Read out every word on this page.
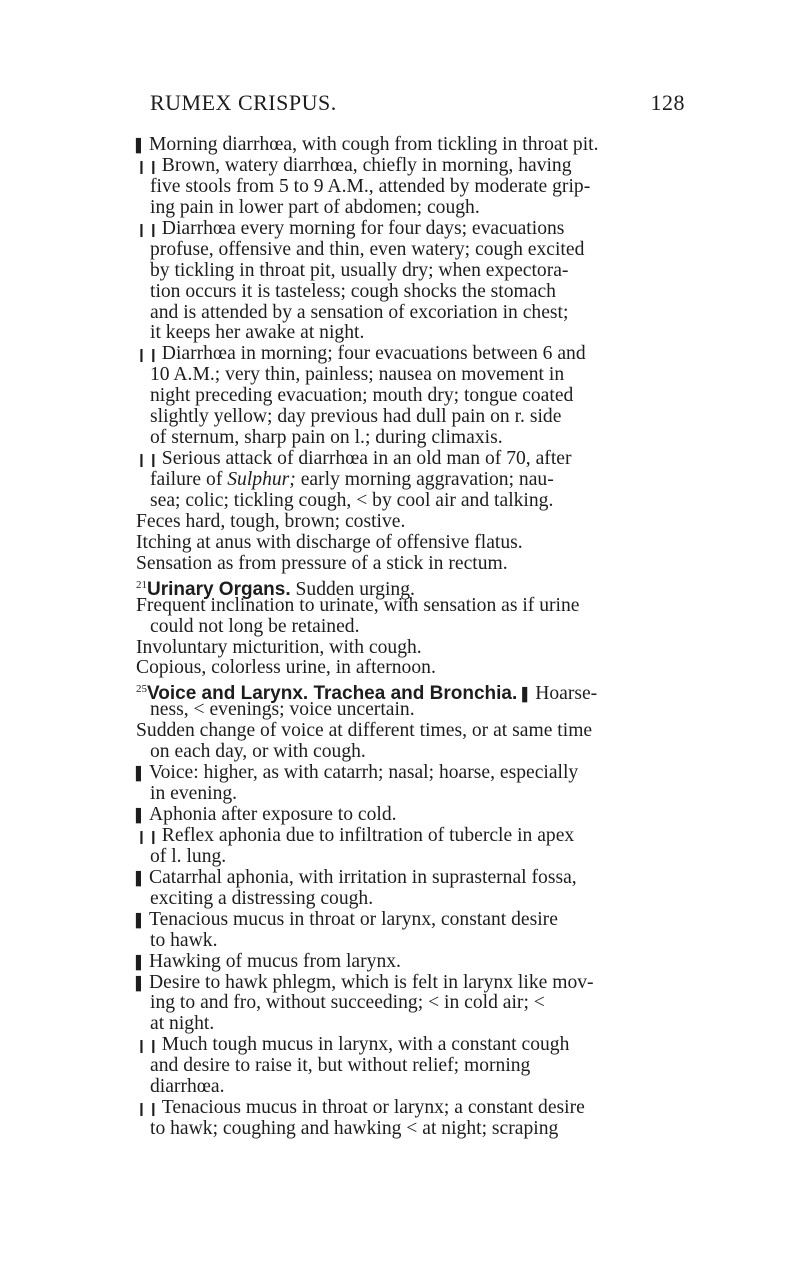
RUMEX CRISPUS.	128
▌ Morning diarrhœa, with cough from tickling in throat pit.
❙❙ Brown, watery diarrhœa, chiefly in morning, having
five stools from 5 to 9 A.M., attended by moderate grip-
ing pain in lower part of abdomen; cough.
❙❙ Diarrhœa every morning for four days; evacuations
profuse, offensive and thin, even watery; cough excited
by tickling in throat pit, usually dry; when expectora-
tion occurs it is tasteless; cough shocks the stomach
and is attended by a sensation of excoriation in chest;
it keeps her awake at night.
❙❙ Diarrhœa in morning; four evacuations between 6 and
10 A.M.; very thin, painless; nausea on movement in
night preceding evacuation; mouth dry; tongue coated
slightly yellow; day previous had dull pain on r. side
of sternum, sharp pain on l.; during climaxis.
❙❙ Serious attack of diarrhœa in an old man of 70, after
failure of Sulphur; early morning aggravation; nau-
sea; colic; tickling cough, < by cool air and talking.
Feces hard, tough, brown; costive.
Itching at anus with discharge of offensive flatus.
Sensation as from pressure of a stick in rectum.
$^{21}$Urinary Organs. Sudden urging.
Frequent inclination to urinate, with sensation as if urine
could not long be retained.
Involuntary micturition, with cough.
Copious, colorless urine, in afternoon.
$^{25}$Voice and Larynx. Trachea and Bronchia. ▌ Hoarse-
ness, < evenings; voice uncertain.
Sudden change of voice at different times, or at same time
on each day, or with cough.
▌ Voice: higher, as with catarrh; nasal; hoarse, especially
in evening.
▌ Aphonia after exposure to cold.
❙❙ Reflex aphonia due to infiltration of tubercle in apex
of l. lung.
▌ Catarrhal aphonia, with irritation in suprasternal fossa,
exciting a distressing cough.
▌ Tenacious mucus in throat or larynx, constant desire
to hawk.
▌ Hawking of mucus from larynx.
▌ Desire to hawk phlegm, which is felt in larynx like mov-
ing to and fro, without succeeding; < in cold air; <
at night.
❙❙ Much tough mucus in larynx, with a constant cough
and desire to raise it, but without relief; morning
diarrhœa.
❙❙ Tenacious mucus in throat or larynx; a constant desire
to hawk; coughing and hawking < at night; scraping
